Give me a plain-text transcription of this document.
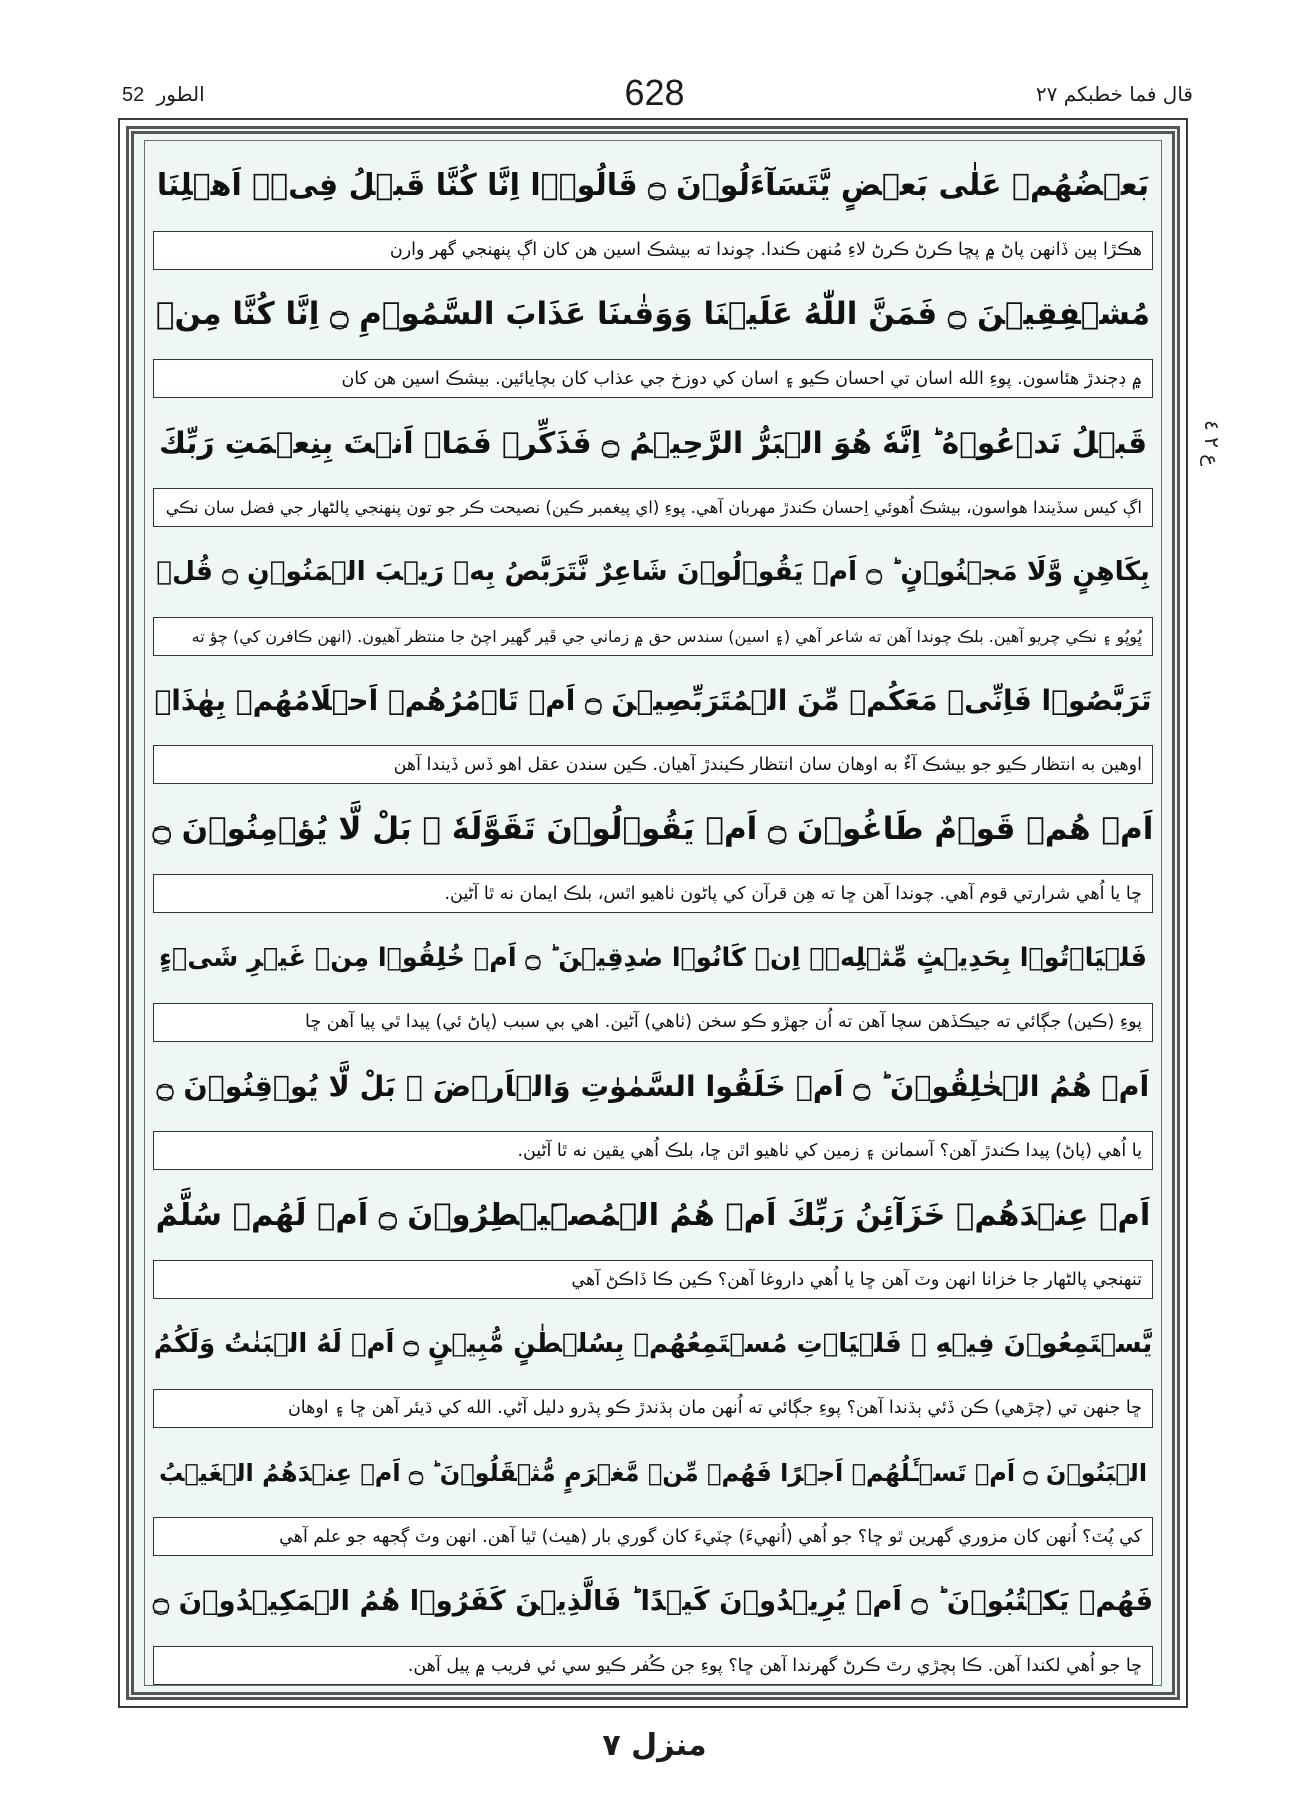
الطور 52	628	قال فما خطبكم ٢٧
بَعۡضُهُمۡ عَلٰى بَعۡضٍ يَّتَسَآءَلُوۡنَ ۝ قَالُوۡۤا اِنَّا كُنَّا قَبۡلُ فِىۡۤ اَهۡلِنَا
هڪڙا ٻين ڏانهن پاڻ ۾ پڇا ڪرڻ ڪرڻ لاءِ مُنهن ڪندا. چوندا ته بيشڪ اسين هن کان اڳ پنهنجي گهر وارن
مُشۡفِقِيۡنَ ۝ فَمَنَّ اللّٰهُ عَلَيۡنَا وَوَقٰٮنَا عَذَابَ السَّمُوۡمِ ۝ اِنَّا كُنَّا مِنۡ
۾ ڊڄندڙ هئاسون. پوءِ الله اسان تي احسان ڪيو ۽ اسان کي دوزخ جي عذاب کان بچايائين. بيشڪ اسين هن کان
قَبۡلُ نَدۡعُوۡهُ ؕ اِنَّهٗ هُوَ الۡبَرُّ الرَّحِيۡمُ ۝ فَذَكِّرۡ فَمَاۤ اَنۡتَ بِنِعۡمَتِ رَبِّكَ
اڳ کيس سڏيندا هواسون، بيشڪ اُهوئي اِحسان ڪندڙ مهربان آهي. پوءِ (اي پيغمبر ڪين) نصيحت ڪر جو تون پنهنجي پالڻهار جي فضل سان نڪي
بِكَاهِنٍ وَّلَا مَجۡنُوۡنٍ ؕ ۝ اَمۡ يَقُوۡلُوۡنَ شَاعِرٌ نَّتَرَبَّصُ بِهٖ رَيۡبَ الۡمَنُوۡنِ ۝ قُلۡ
ڀُوپُو ۽ نڪي چريو آهين. بلڪ چوندا آهن ته شاعر آهي (۽ اسين) سندس حق ۾ زماني جي ڦير گهير اچڻ جا منتظر آهيون. (انهن ڪافرن کي) چؤ ته
تَرَبَّصُوۡا فَاِنِّىۡ مَعَكُمۡ مِّنَ الۡمُتَرَبِّصِيۡنَ ۝ اَمۡ تَاۡمُرُهُمۡ اَحۡلَامُهُمۡ بِهٰذَاۤ
اوهين به انتظار ڪيو جو بيشڪ آءٌ به اوهان سان انتظار ڪيندڙ آهيان. ڪين سندن عقل اهو ڏس ڏيندا آهن
اَمۡ هُمۡ قَوۡمٌ طَاغُوۡنَ ۝ اَمۡ يَقُوۡلُوۡنَ تَقَوَّلَهٗ ۚ بَلْ لَّا يُؤۡمِنُوۡنَ ۝
ڇا يا اُهي شرارتي قوم آهي. چوندا آهن ڇا ته هِن قرآن کي پاڻون ٺاهيو اٿس، بلڪ ايمان نه ٿا آڻين.
فَلۡيَاۡتُوۡا بِحَدِيۡثٍ مِّثۡلِهٖۤ اِنۡ كَانُوۡا صٰدِقِيۡنَ ؕ ۝ اَمۡ خُلِقُوۡا مِنۡ غَيۡرِ شَىۡءٍ
پوءِ (ڪين) جڳائي ته جيڪڏهن سچا آهن ته اُن جهڙو ڪو سخن (ٺاهي) آڻين. اهي بي سبب (پاڻ ئي) پيدا ٿي پيا آهن ڇا
اَمۡ هُمُ الۡخٰلِقُوۡنَ ؕ ۝ اَمۡ خَلَقُوا السَّمٰوٰتِ وَالۡاَرۡضَ ۚ بَلْ لَّا يُوۡقِنُوۡنَ ۝
يا اُهي (پاڻ) پيدا ڪندڙ آهن؟ آسمانن ۽ زمين کي ٺاهيو اٿن ڇا، بلڪ اُهي يقين نه ٿا آڻين.
اَمۡ عِنۡدَهُمۡ خَزَآئِنُ رَبِّكَ اَمۡ هُمُ الۡمُصَۜيۡطِرُوۡنَ ۝ اَمۡ لَهُمۡ سُلَّمٌ
تنهنجي پالڻهار جا خزانا انهن وٽ آهن ڇا يا اُهي داروغا آهن؟ ڪين ڪا ڏاڪڻ آهي
يَّسۡتَمِعُوۡنَ فِيۡهِ ۚ فَلۡيَاۡتِ مُسۡتَمِعُهُمۡ بِسُلۡطٰنٍ مُّبِيۡنٍ ۝ اَمۡ لَهُ الۡبَنٰتُ وَلَكُمُ
ڇا جنهن تي (چڙهي) ڪن ڏئي ٻڌندا آهن؟ پوءِ جڳائي ته اُنهن مان ٻڌندڙ ڪو پڌرو دليل آڻي. الله کي ڌيئر آهن ڇا ۽ اوهان
الۡبَنُوۡنَ ۝ اَمۡ تَسۡـَٔلُهُمۡ اَجۡرًا فَهُمۡ مِّنۡ مَّغۡرَمٍ مُّثۡقَلُوۡنَ ؕ ۝ اَمۡ عِنۡدَهُمُ الۡغَيۡبُ
کي پُٽ؟ اُنهن کان مزوري گهرين ٿو ڇا؟ جو اُهي (اُنهيءَ) چٽيءَ کان گوري بار (هيٺ) ٿيا آهن. انهن وٽ ڳجهه جو علم آهي
فَهُمۡ يَكۡتُبُوۡنَ ؕ ۝ اَمۡ يُرِيۡدُوۡنَ كَيۡدًا ؕ فَالَّذِيۡنَ كَفَرُوۡا هُمُ الۡمَكِيۡدُوۡنَ ۝
ڇا جو اُهي لکندا آهن. ڪا ٻچڙي رٿ ڪرڻ گهرندا آهن ڇا؟ پوءِ جن ڪُفر ڪيو سي ئي فريب ۾ پيل آهن.
ع ٢ ٤
منزل ٧
